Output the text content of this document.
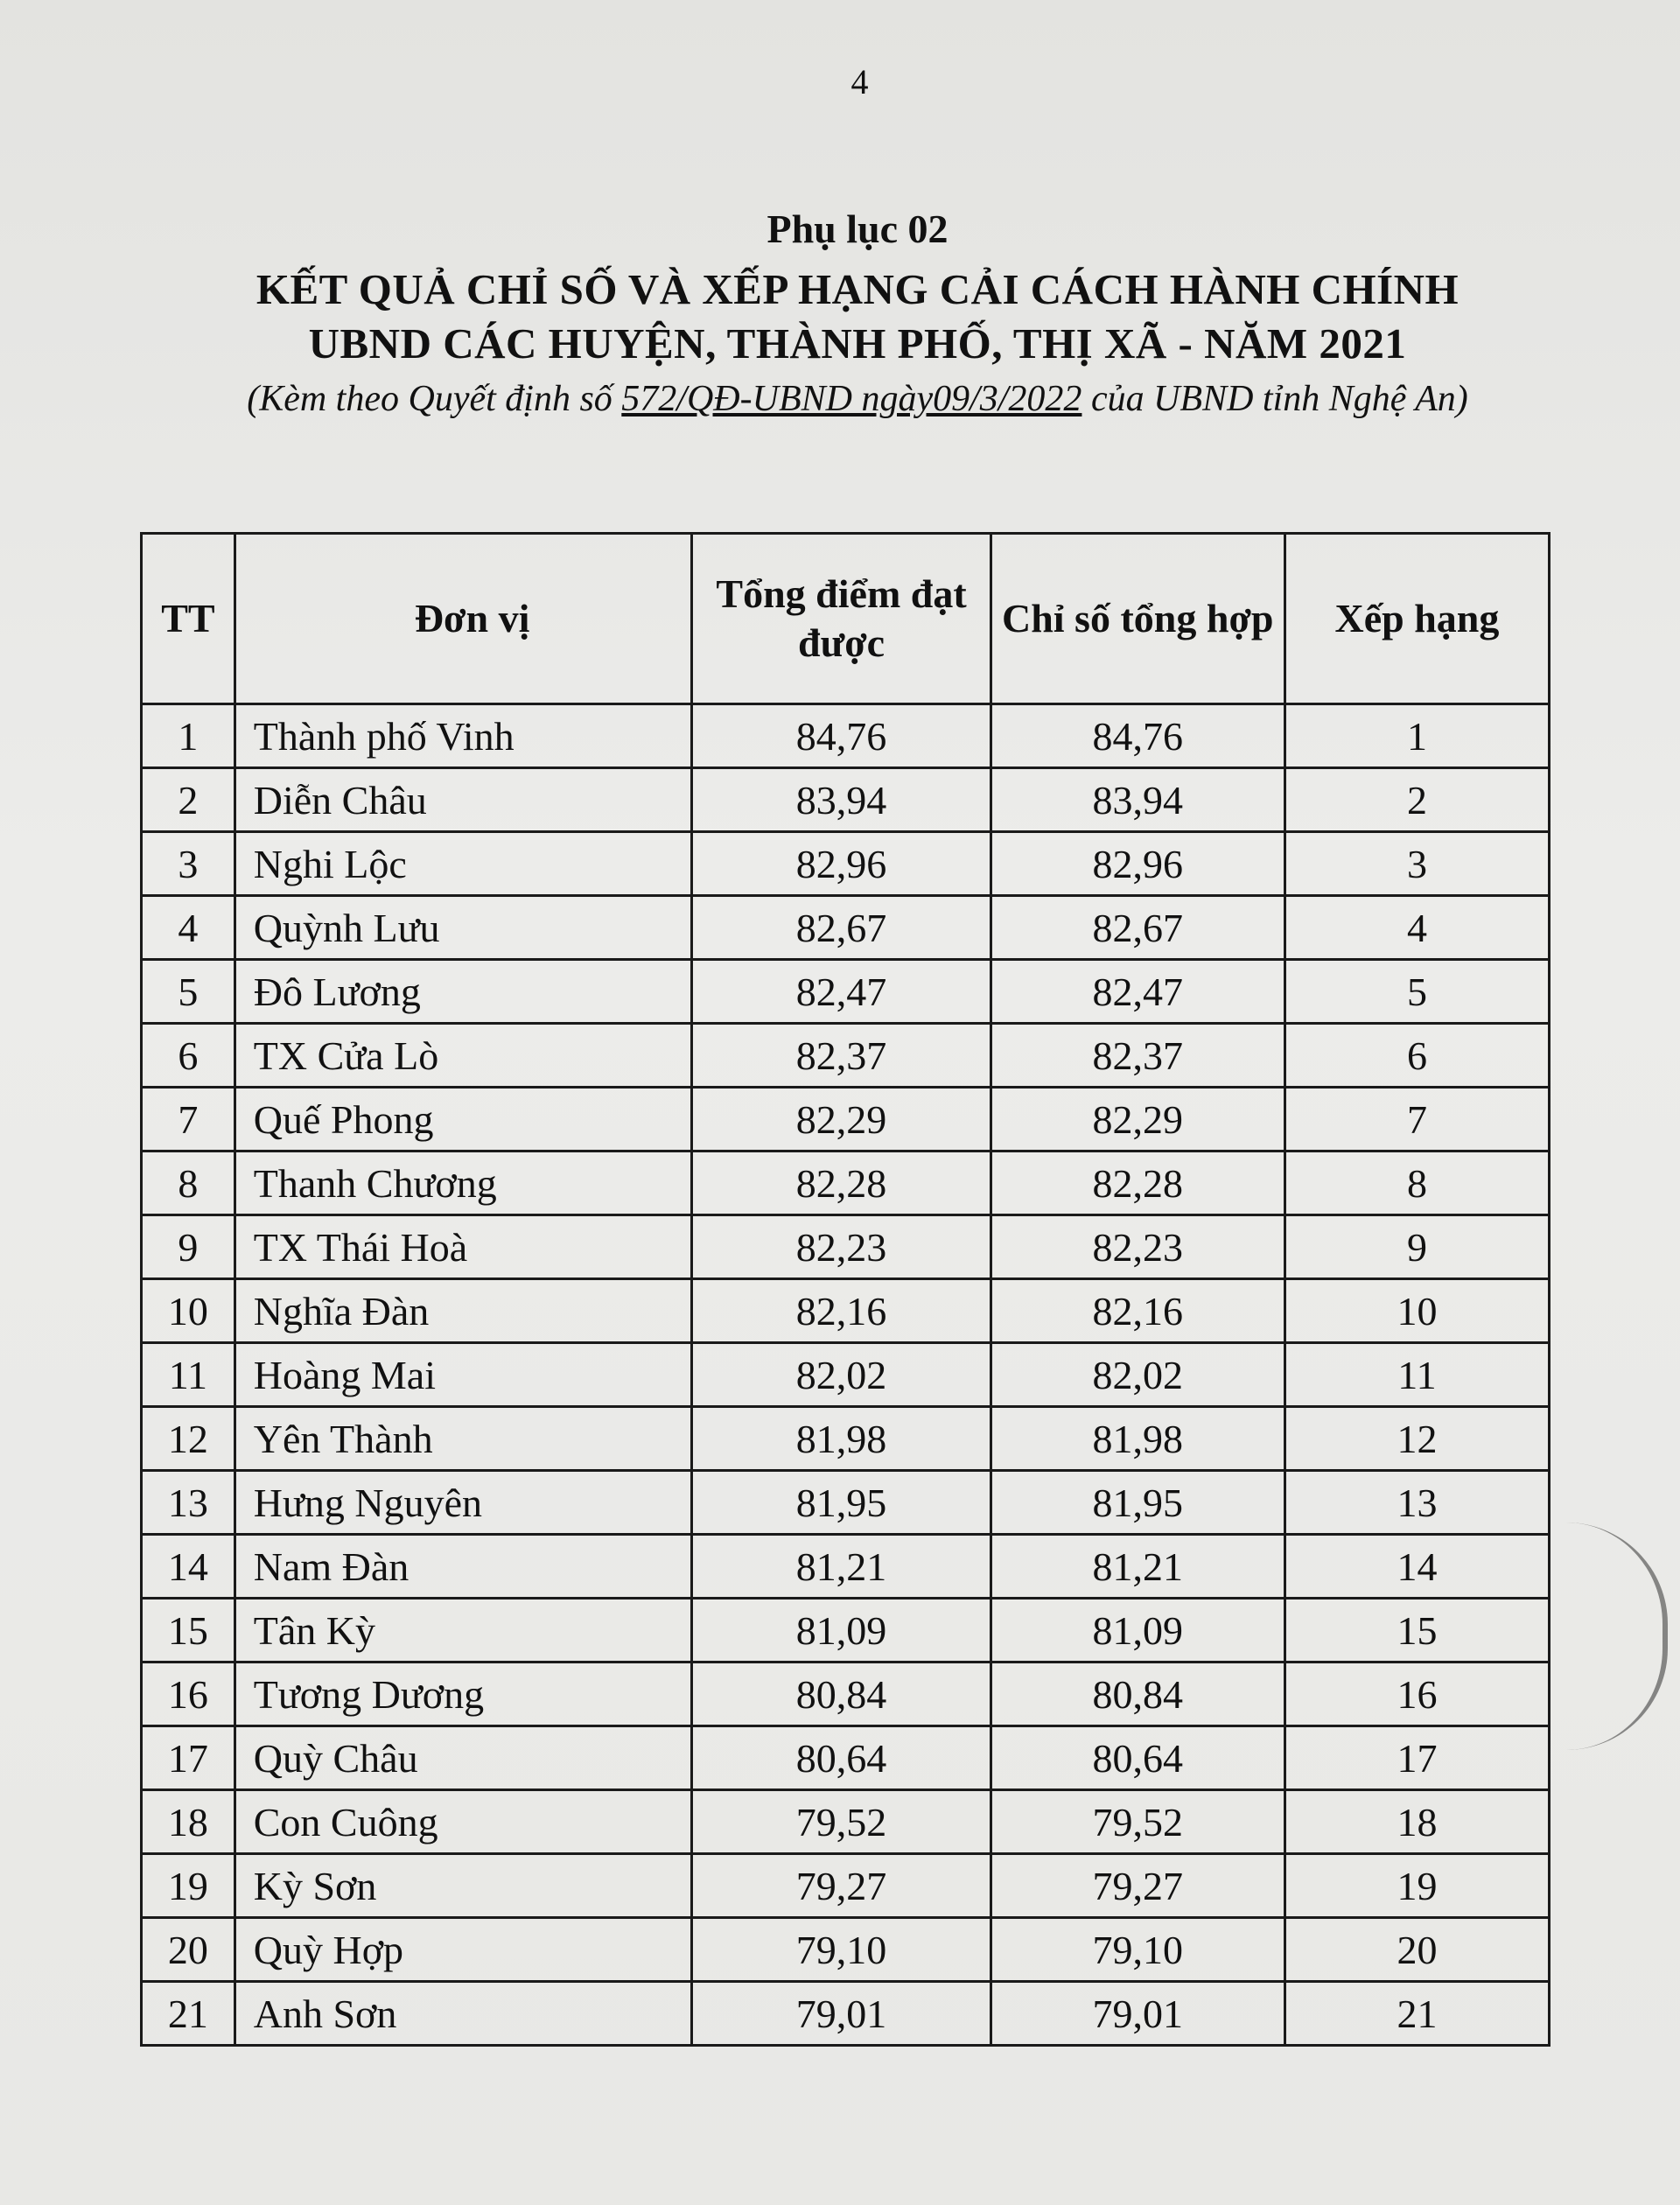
4
Phụ lục 02
KẾT QUẢ CHỈ SỐ VÀ XẾP HẠNG CẢI CÁCH HÀNH CHÍNH
UBND CÁC HUYỆN, THÀNH PHỐ, THỊ XÃ - NĂM 2021
(Kèm theo Quyết định số 572/QĐ-UBND ngày09/3/2022 của UBND tỉnh Nghệ An)
TT	Đơn vị	Tổng điểm đạt được	Chỉ số tổng hợp	Xếp hạng
1	Thành phố Vinh	84,76	84,76	1
2	Diễn Châu	83,94	83,94	2
3	Nghi Lộc	82,96	82,96	3
4	Quỳnh Lưu	82,67	82,67	4
5	Đô Lương	82,47	82,47	5
6	TX Cửa Lò	82,37	82,37	6
7	Quế Phong	82,29	82,29	7
8	Thanh Chương	82,28	82,28	8
9	TX Thái Hoà	82,23	82,23	9
10	Nghĩa Đàn	82,16	82,16	10
11	Hoàng Mai	82,02	82,02	11
12	Yên Thành	81,98	81,98	12
13	Hưng Nguyên	81,95	81,95	13
14	Nam Đàn	81,21	81,21	14
15	Tân Kỳ	81,09	81,09	15
16	Tương Dương	80,84	80,84	16
17	Quỳ Châu	80,64	80,64	17
18	Con Cuông	79,52	79,52	18
19	Kỳ Sơn	79,27	79,27	19
20	Quỳ Hợp	79,10	79,10	20
21	Anh Sơn	79,01	79,01	21
